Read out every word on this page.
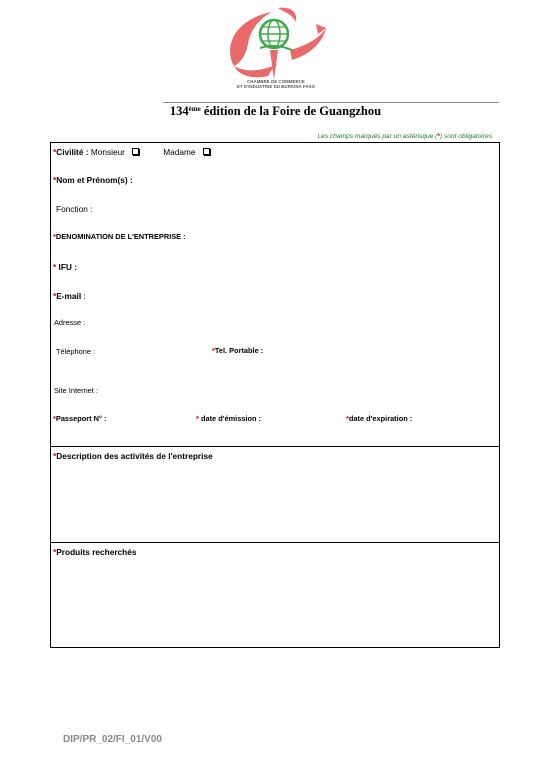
CHAMBRE DE COMMERCE
ET D'INDUSTRIE DU BURKINA FASO
134ème édition de la Foire de Guangzhou
Les champs marqués par un astérisque (*) sont obligatoires
*Civilité : Monsieur	Madame
*Nom et Prénom(s) :
Fonction :
*DENOMINATION DE L'ENTREPRISE :
* IFU :
*E-mail :
Adresse :
Téléphone :	*Tel. Portable :
Site Internet :
*Passeport N° :	* date d'émission :	*date d'expiration :
*Description des activités de l'entreprise
*Produits recherchés
DIP/PR_02/FI_01/V00
